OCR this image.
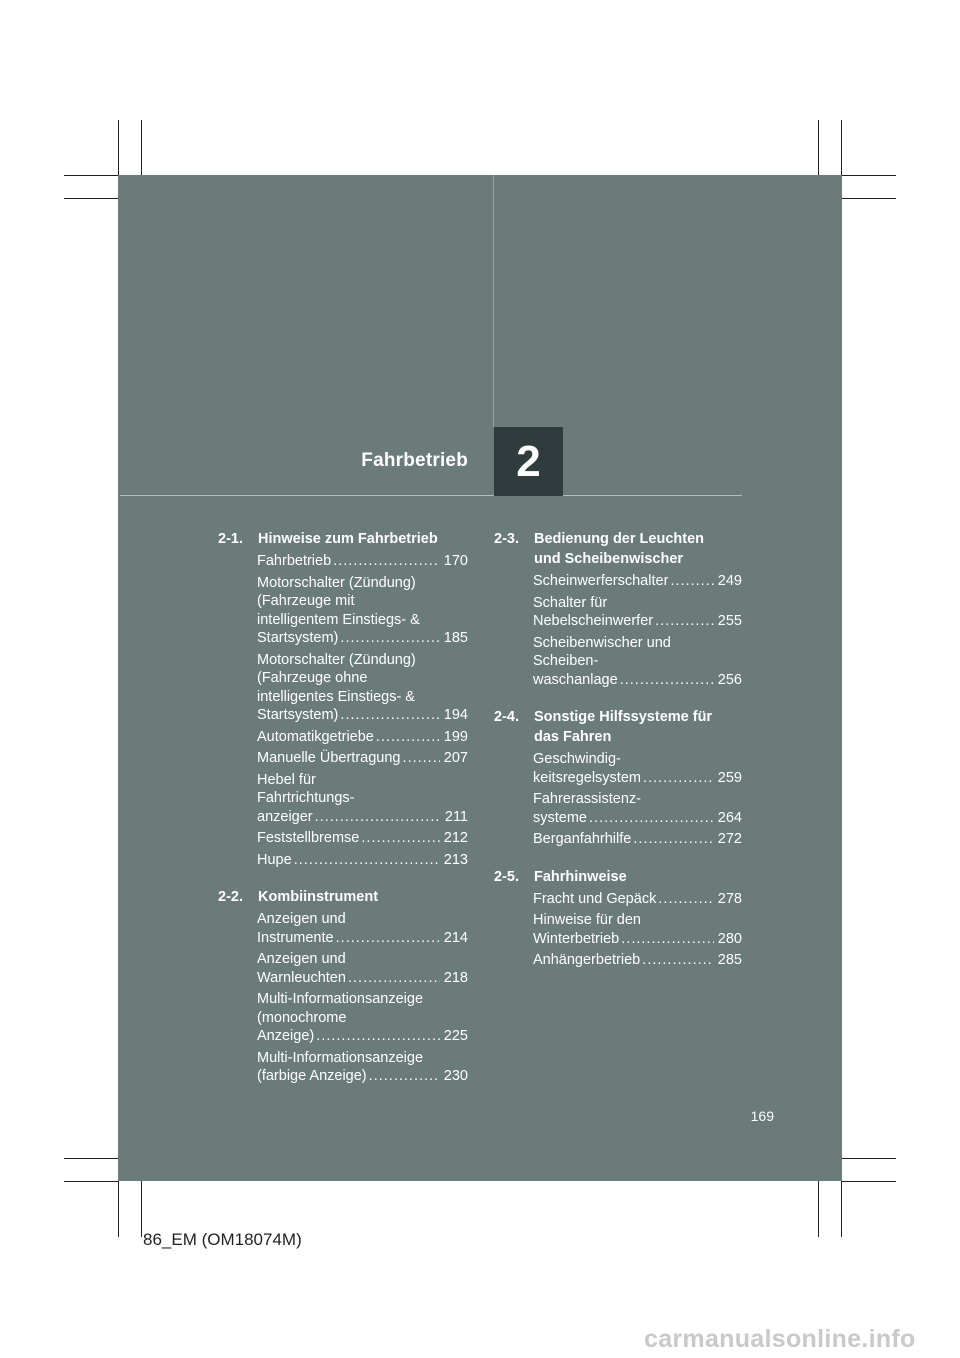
Fahrbetrieb	2
2-1.	Hinweise zum Fahrbetrieb
Fahrbetrieb .....	170
Motorschalter (Zündung)
(Fahrzeuge mit
intelligentem Einstiegs- &
Startsystem) .....	185
Motorschalter (Zündung)
(Fahrzeuge ohne
intelligentes Einstiegs- &
Startsystem) .....	194
Automatikgetriebe .....	199
Manuelle Übertragung .....	207
Hebel für
Fahrtrichtungs-
anzeiger .....	211
Feststellbremse .....	212
Hupe .....	213
2-2.	Kombiinstrument
Anzeigen und
Instrumente .....	214
Anzeigen und
Warnleuchten .....	218
Multi-Informationsanzeige
(monochrome
Anzeige) .....	225
Multi-Informationsanzeige
(farbige Anzeige) .....	230
2-3.	Bedienung der Leuchten
und Scheibenwischer
Scheinwerferschalter .....	249
Schalter für
Nebelscheinwerfer .....	255
Scheibenwischer und
Scheiben-
waschanlage .....	256
2-4.	Sonstige Hilfssysteme für
das Fahren
Geschwindig-
keitsregelsystem .....	259
Fahrerassistenz-
systeme .....	264
Berganfahrhilfe .....	272
2-5.	Fahrhinweise
Fracht und Gepäck .....	278
Hinweise für den
Winterbetrieb .....	280
Anhängerbetrieb .....	285
169
86_EM (OM18074M)
carmanualsonline.info
